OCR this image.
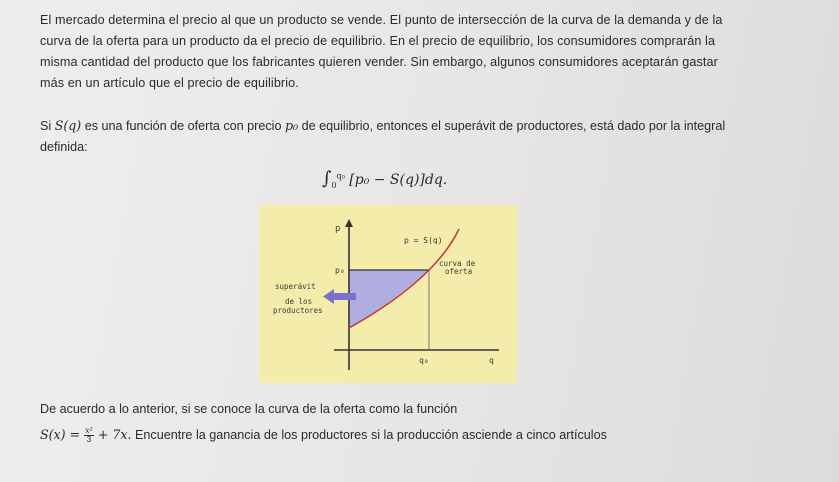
El mercado determina el precio al que un producto se vende. El punto de intersección de la curva de la demanda y de la curva de la oferta para un producto da el precio de equilibrio. En el precio de equilibrio, los consumidores comprarán la misma cantidad del producto que los fabricantes quieren vender. Sin embargo, algunos consumidores aceptarán gastar más en un artículo que el precio de equilibrio.
Si S(q) es una función de oferta con precio p₀ de equilibrio, entonces el superávit de productores, está dado por la integral definida:
$\int_0^{q_0}$ [p₀ − S(q)]dq.
p
p = S(q)
p₀
curva de
oferta
superávit
de los
productores
q₀	q
De acuerdo a lo anterior, si se conoce la curva de la oferta como la función
$S(x) = \frac{\text{x²}}{3} + 7x$. Encuentre la ganancia de los productores si la producción asciende a cinco artículos
